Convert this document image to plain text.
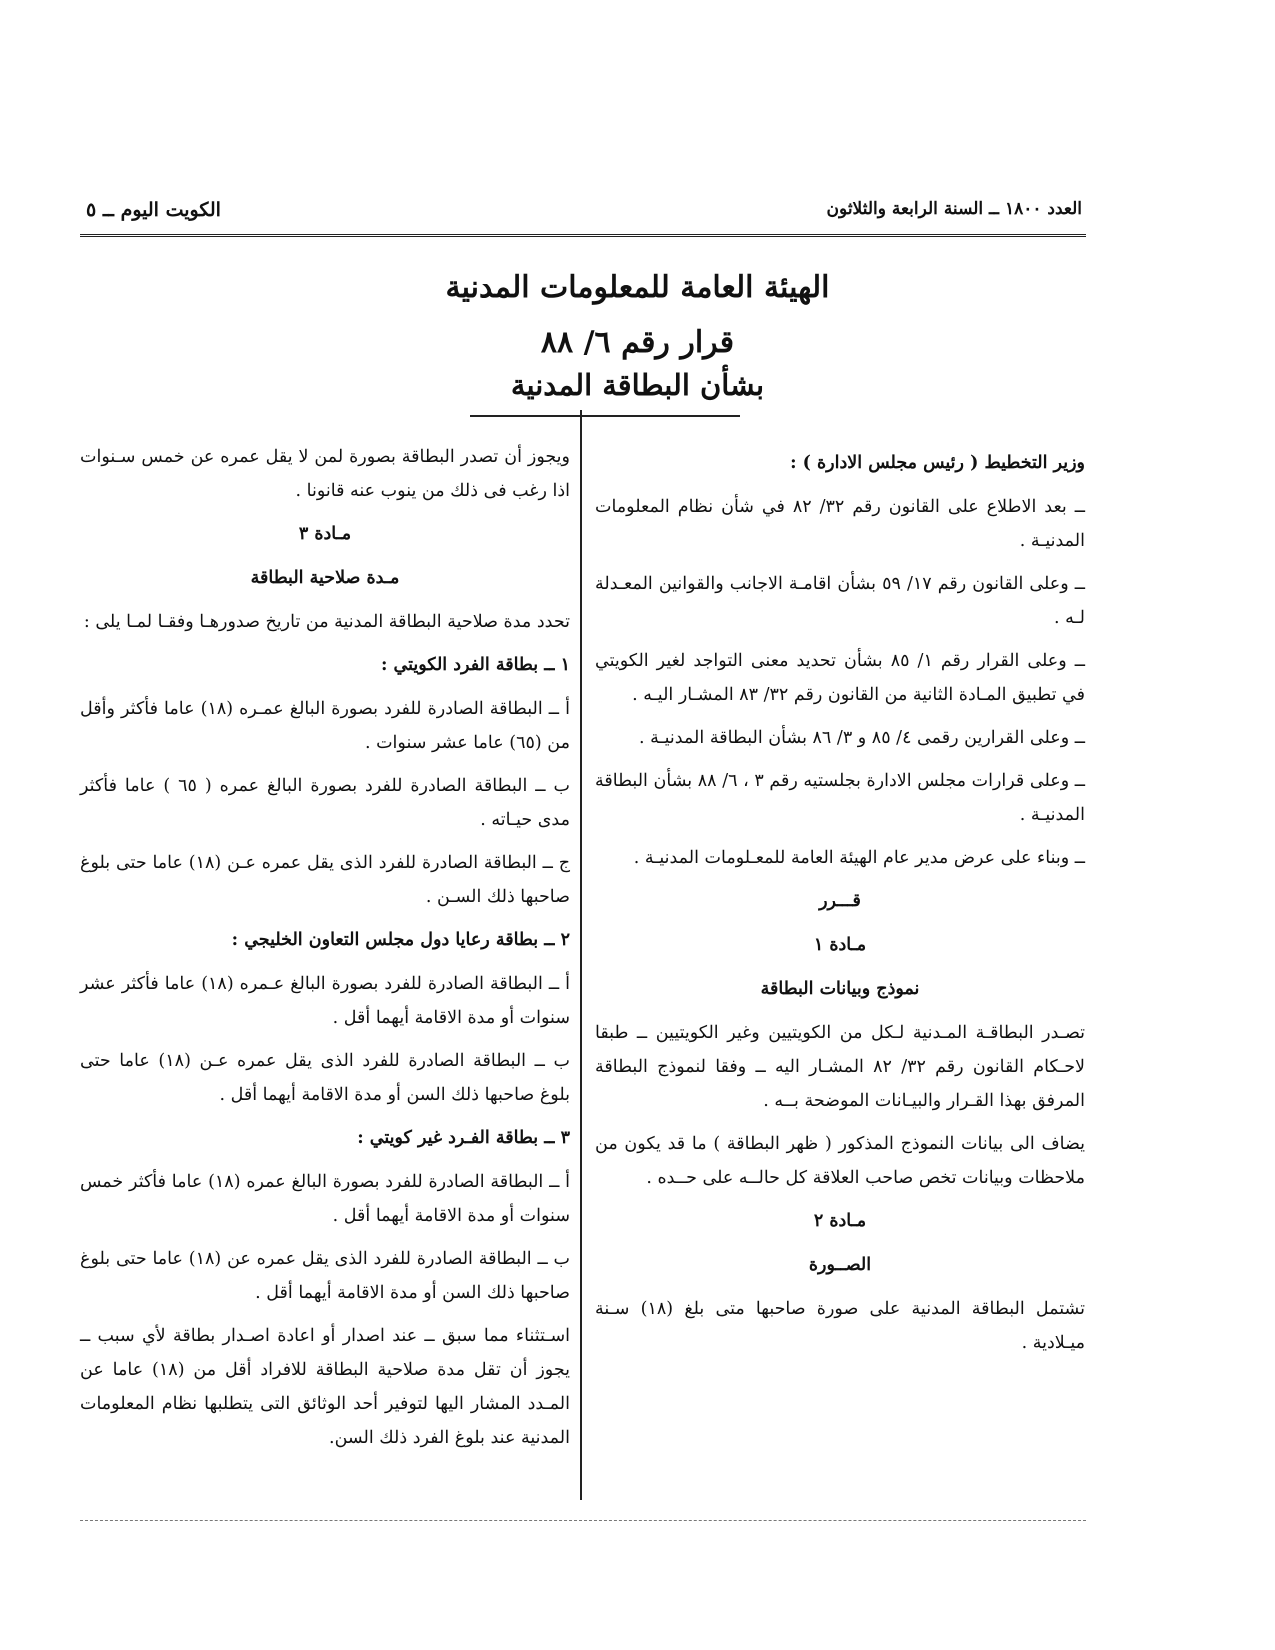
العدد ١٨٠٠ ــ السنة الرابعة والثلاثون
الكويت اليوم ــ ٥
الهيئة العامة للمعلومات المدنية
قرار رقم ٦/ ٨٨
بشأن البطاقة المدنية

وزير التخطيط ( رئيس مجلس الادارة ) :

ــ بعد الاطلاع على القانون رقم ٣٢/ ٨٢ في شأن نظام المعلومات المدنيـة .

ــ وعلى القانون رقم ١٧/ ٥٩ بشأن اقامـة الاجانب والقوانين المعـدلة لـه .

ــ وعلى القرار رقم ١/ ٨٥ بشأن تحديد معنى التواجد لغير الكويتي في تطبيق المـادة الثانية من القانون رقم ٣٢/ ٨٣ المشـار اليـه .

ــ وعلى القرارين رقمى ٤/ ٨٥ و ٣/ ٨٦ بشأن البطاقة المدنيـة .

ــ وعلى قرارات مجلس الادارة بجلستيه رقم ٣ ، ٦/ ٨٨ بشأن البطاقة المدنيـة .

ــ وبناء على عرض مدير عام الهيئة العامة للمعـلومات المدنيـة .

قـــرر

مـادة ١

نموذج وبيانات البطاقة

تصـدر البطاقـة المـدنية لـكل من الكويتيين وغير الكويتيين ــ طبقا لاحـكام القانون رقم ٣٢/ ٨٢ المشـار اليه ــ وفقا لنموذج البطاقة المرفق بهذا القـرار والبيـانات الموضحة بــه .

يضاف الى بيانات النموذج المذكور ( ظهر البطاقة ) ما قد يكون من ملاحظات وبيانات تخص صاحب العلاقة كل حالــه على حــده .

مـادة ٢

الصــورة

تشتمل البطاقة المدنية على صورة صاحبها متى بلغ (١٨) سـنة ميـلادية .

ويجوز أن تصدر البطاقة بصورة لمن لا يقل عمره عن خمس سـنوات اذا رغب فى ذلك من ينوب عنه قانونا .

مـادة ٣

مـدة صلاحية البطاقة

تحدد مدة صلاحية البطاقة المدنية من تاريخ صدورهـا وفقـا لمـا يلى :

١ ــ بطاقة الفرد الكويتي :

أ ــ البطاقة الصادرة للفرد بصورة البالغ عمـره (١٨) عاما فأكثر وأقل من (٦٥) عاما عشر سنوات .

ب ــ البطاقة الصادرة للفرد بصورة البالغ عمره ( ٦٥ ) عاما فأكثر مدى حيـاته .

ج ــ البطاقة الصادرة للفرد الذى يقل عمره عـن (١٨) عاما حتى بلوغ صاحبها ذلك السـن .

٢ ــ بطاقة رعايا دول مجلس التعاون الخليجي :

أ ــ البطاقة الصادرة للفرد بصورة البالغ عـمره (١٨) عاما فأكثر عشر سنوات أو مدة الاقامة أيهما أقل .

ب ــ البطاقة الصادرة للفرد الذى يقل عمره عـن (١٨) عاما حتى بلوغ صاحبها ذلك السن أو مدة الاقامة أيهما أقل .

٣ ــ بطاقة الفـرد غير كويتي :

أ ــ البطاقة الصادرة للفرد بصورة البالغ عمره (١٨) عاما فأكثر خمس سنوات أو مدة الاقامة أيهما أقل .

ب ــ البطاقة الصادرة للفرد الذى يقل عمره عن (١٨) عاما حتى بلوغ صاحبها ذلك السن أو مدة الاقامة أيهما أقل .

اسـتثناء مما سبق ــ عند اصدار أو اعادة اصـدار بطاقة لأي سبب ــ يجوز أن تقل مدة صلاحية البطاقة للافراد أقل من (١٨) عاما عن المـدد المشار اليها لتوفير أحد الوثائق التى يتطلبها نظام المعلومات المدنية عند بلوغ الفرد ذلك السن.
